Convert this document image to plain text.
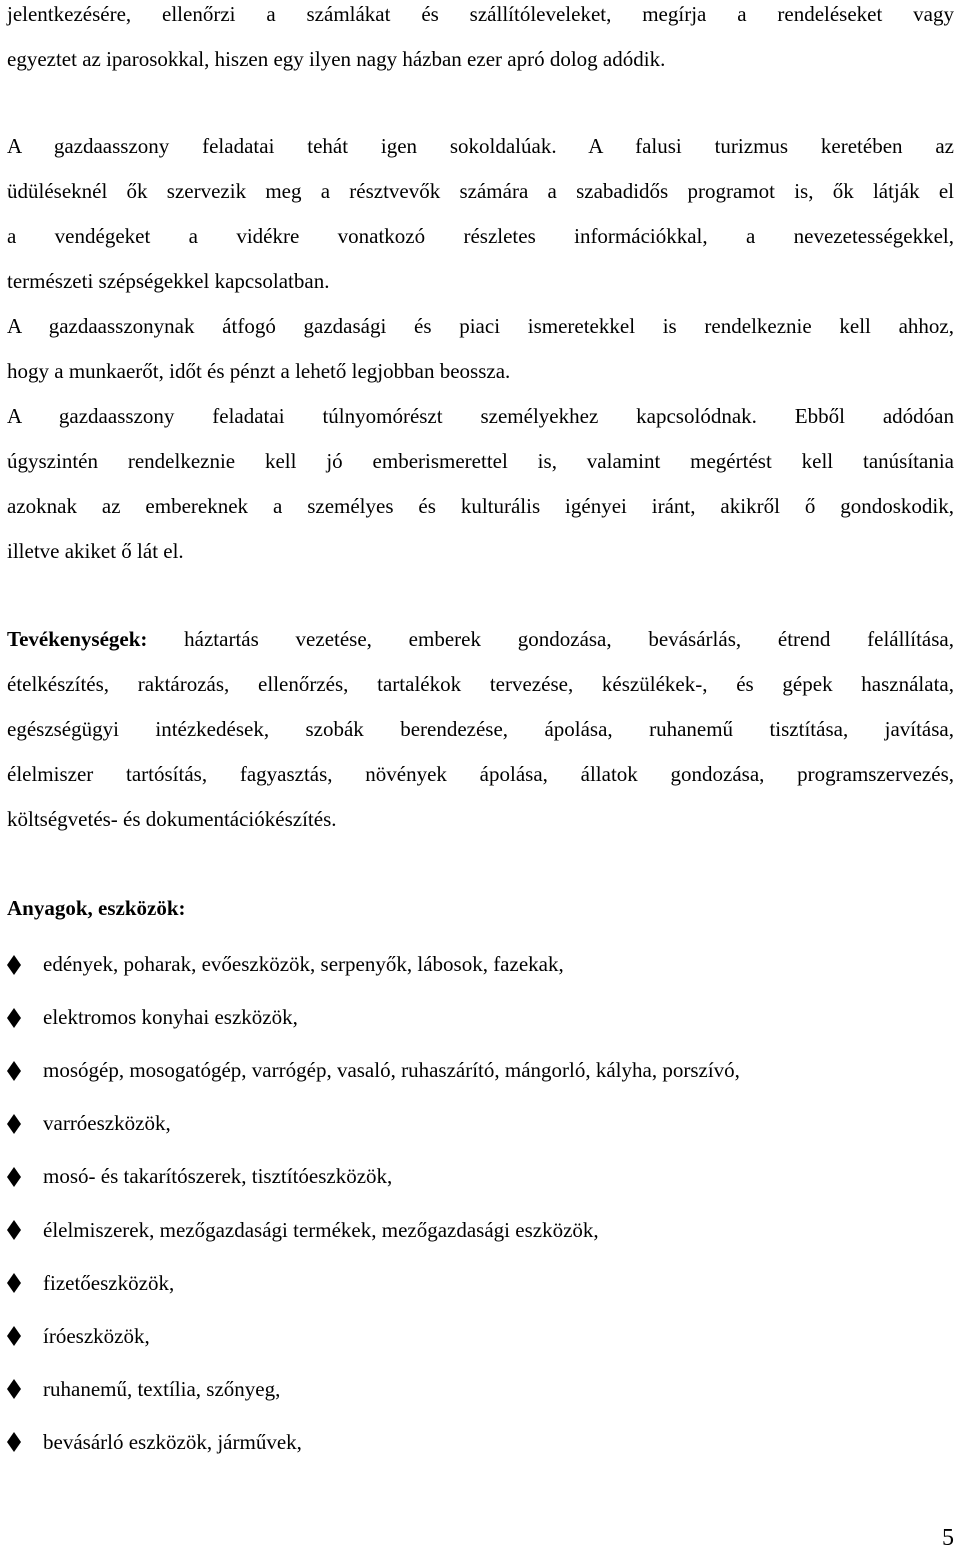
jelentkezésére, ellenőrzi a számlákat és szállítóleveleket, megírja a rendeléseket vagy
egyeztet az iparosokkal, hiszen egy ilyen nagy házban ezer apró dolog adódik.
A gazdaasszony feladatai tehát igen sokoldalúak. A falusi turizmus keretében az
üdüléseknél ők szervezik meg a résztvevők számára a szabadidős programot is, ők látják el
a vendégeket a vidékre vonatkozó részletes információkkal, a nevezetességekkel,
természeti szépségekkel kapcsolatban.
A gazdaasszonynak átfogó gazdasági és piaci ismeretekkel is rendelkeznie kell ahhoz,
hogy a munkaerőt, időt és pénzt a lehető legjobban beossza.
A gazdaasszony feladatai túlnyomórészt személyekhez kapcsolódnak. Ebből adódóan
úgyszintén rendelkeznie kell jó emberismerettel is, valamint megértést kell tanúsítania
azoknak az embereknek a személyes és kulturális igényei iránt, akikről ő gondoskodik,
illetve akiket ő lát el.
Tevékenységek: háztartás vezetése, emberek gondozása, bevásárlás, étrend felállítása,
ételkészítés, raktározás, ellenőrzés, tartalékok tervezése, készülékek-, és gépek használata,
egészségügyi intézkedések, szobák berendezése, ápolása, ruhanemű tisztítása, javítása,
élelmiszer tartósítás, fagyasztás, növények ápolása, állatok gondozása, programszervezés,
költségvetés- és dokumentációkészítés.
Anyagok, eszközök:
edények, poharak, evőeszközök, serpenyők, lábosok, fazekak,
elektromos konyhai eszközök,
mosógép, mosogatógép, varrógép, vasaló, ruhaszárító, mángorló, kályha, porszívó,
varróeszközök,
mosó- és takarítószerek, tisztítóeszközök,
élelmiszerek, mezőgazdasági termékek, mezőgazdasági eszközök,
fizetőeszközök,
íróeszközök,
ruhanemű, textília, szőnyeg,
bevásárló eszközök, járművek,
5
